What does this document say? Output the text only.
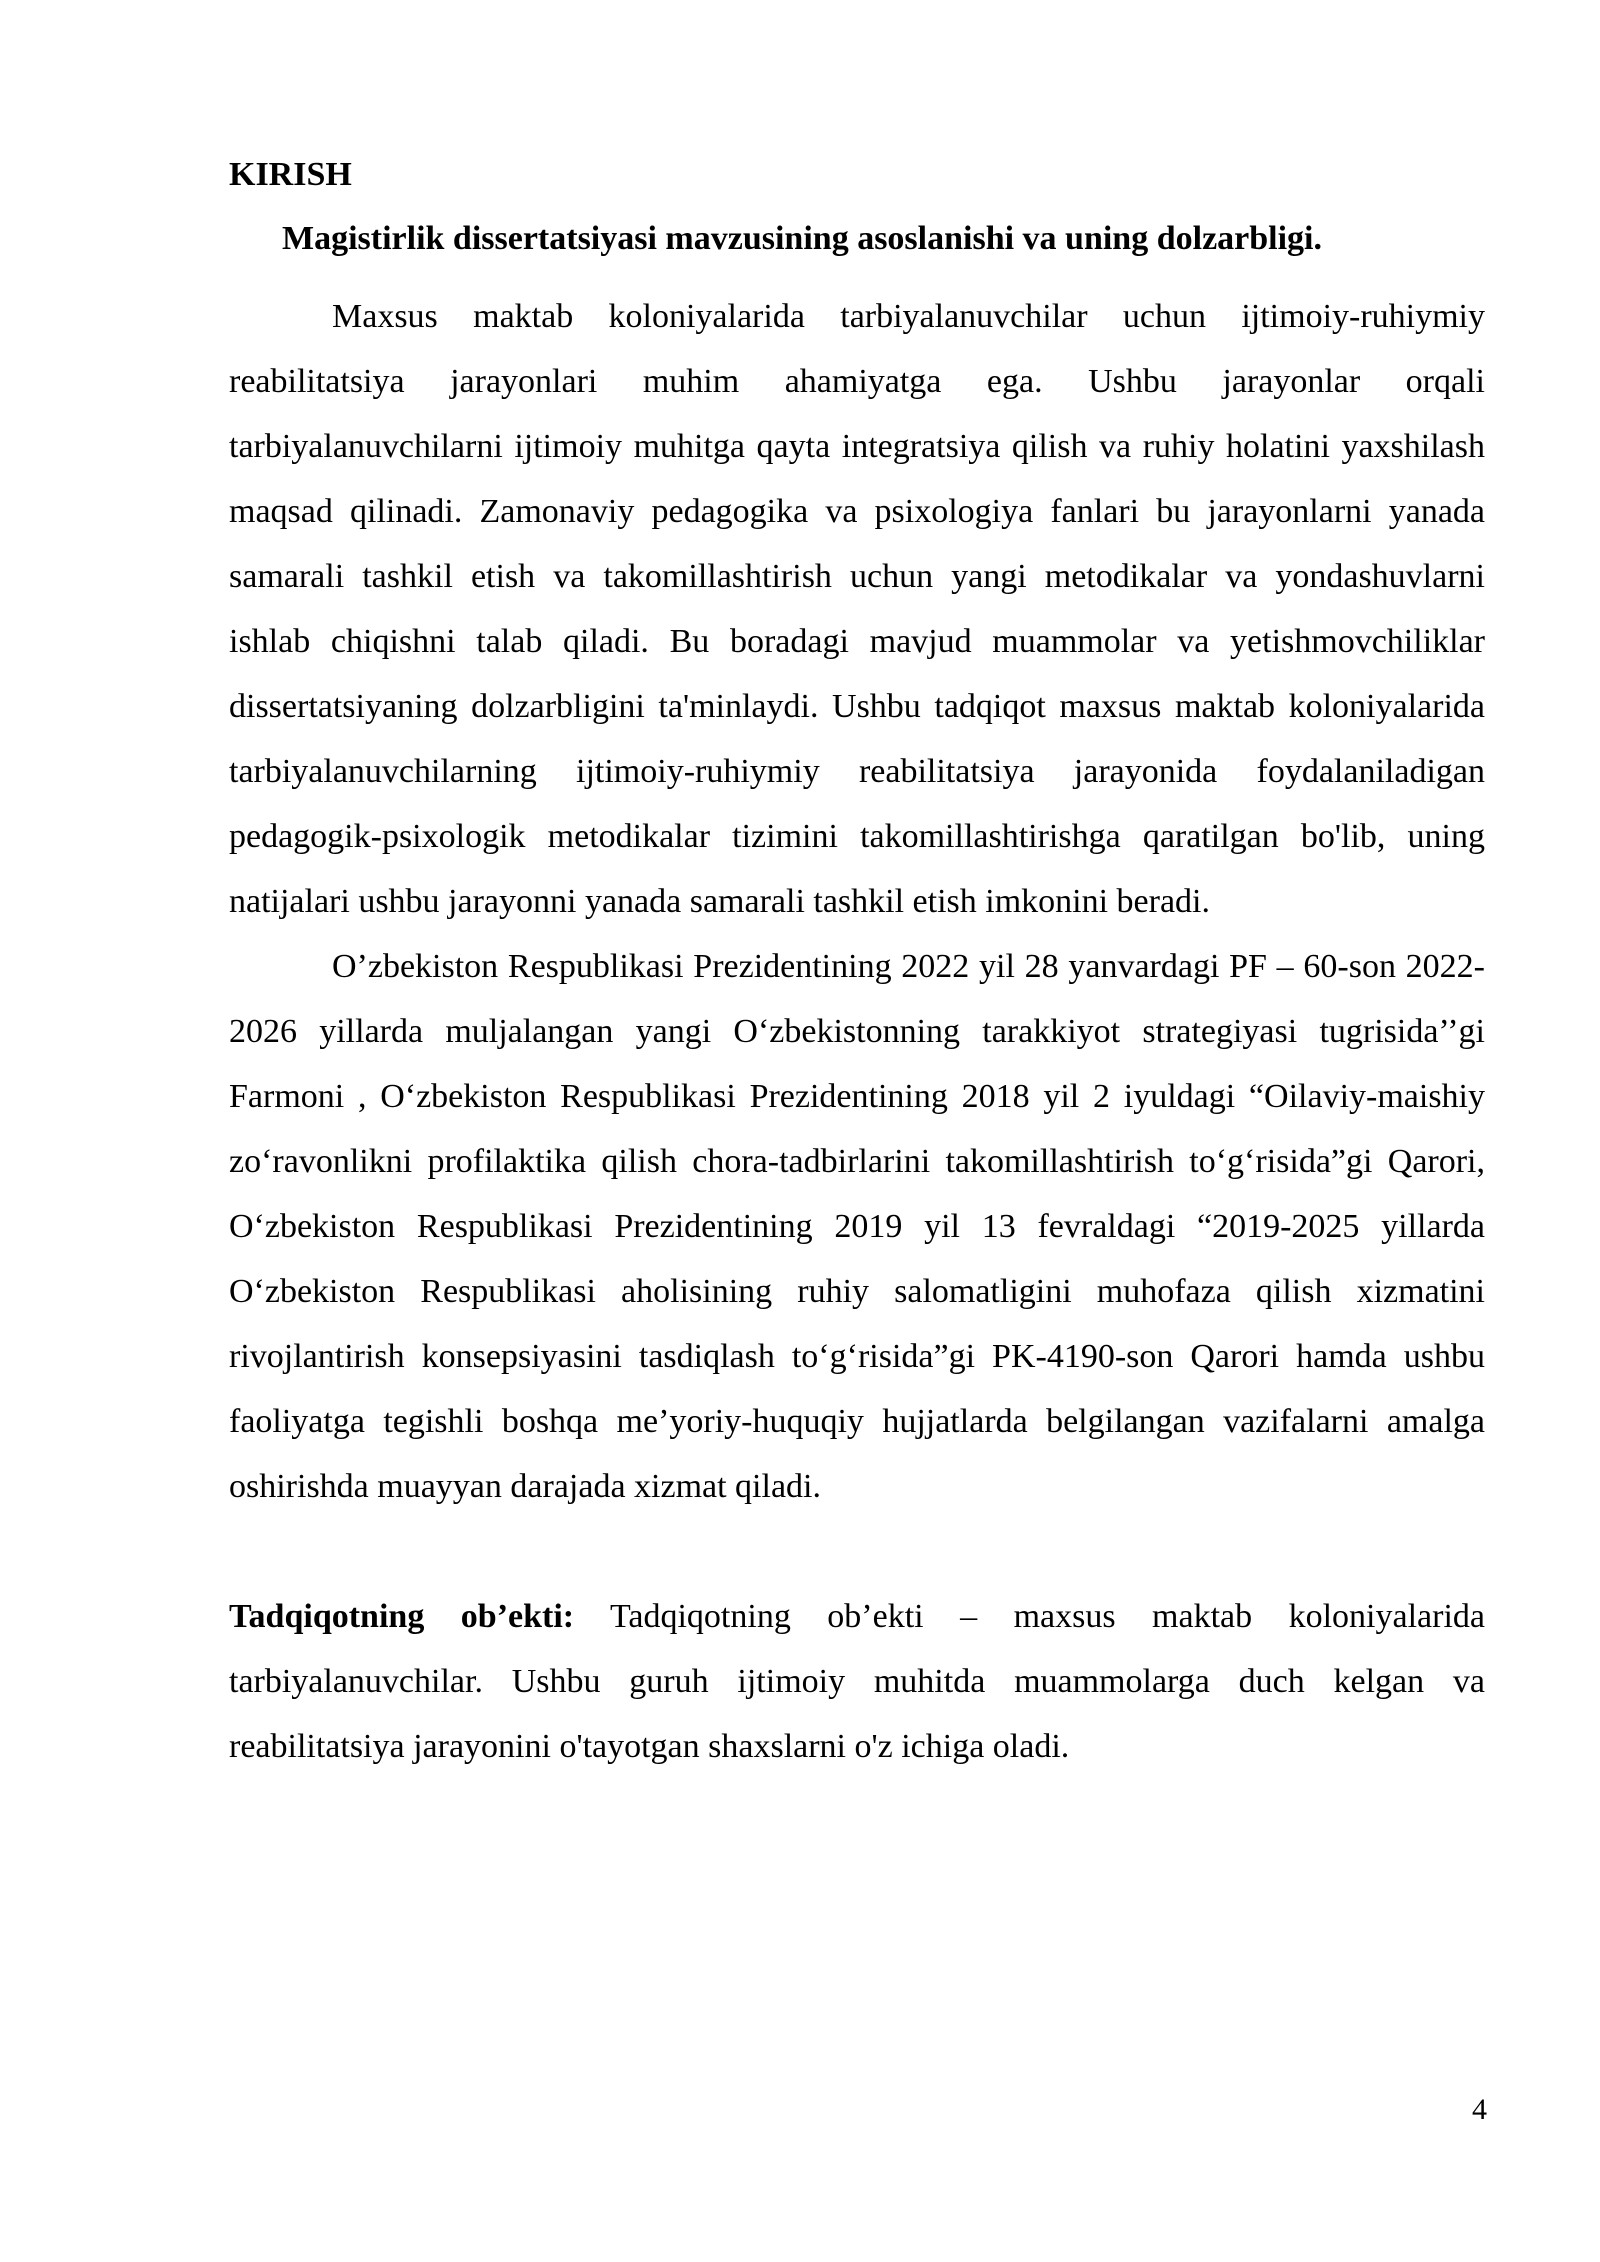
KIRISH
Magistirlik dissertatsiyasi mavzusining asoslanishi va uning dolzarbligi.

Maxsus maktab koloniyalarida tarbiyalanuvchilar uchun ijtimoiy-ruhiymiy reabilitatsiya jarayonlari muhim ahamiyatga ega. Ushbu jarayonlar orqali tarbiyalanuvchilarni ijtimoiy muhitga qayta integratsiya qilish va ruhiy holatini yaxshilash maqsad qilinadi. Zamonaviy pedagogika va psixologiya fanlari bu jarayonlarni yanada samarali tashkil etish va takomillashtirish uchun yangi metodikalar va yondashuvlarni ishlab chiqishni talab qiladi. Bu boradagi mavjud muammolar va yetishmovchiliklar dissertatsiyaning dolzarbligini ta'minlaydi. Ushbu tadqiqot maxsus maktab koloniyalarida tarbiyalanuvchilarning ijtimoiy-ruhiymiy reabilitatsiya jarayonida foydalaniladigan pedagogik-psixologik metodikalar tizimini takomillashtirishga qaratilgan bo'lib, uning natijalari ushbu jarayonni yanada samarali tashkil etish imkonini beradi.

O’zbekiston Respublikasi Prezidentining 2022 yil 28 yanvardagi PF – 60-son 2022-2026 yillarda muljalangan yangi O‘zbekistonning tarakkiyot strategiyasi tugrisida’’gi Farmoni , O‘zbekiston Respublikasi Prezidentining 2018 yil 2 iyuldagi “Oilaviy-maishiy zo‘ravonlikni profilaktika qilish chora-tadbirlarini takomillashtirish to‘g‘risida”gi Qarori, O‘zbekiston Respublikasi Prezidentining 2019 yil 13 fevraldagi “2019-2025 yillarda O‘zbekiston Respublikasi aholisining ruhiy salomatligini muhofaza qilish xizmatini rivojlantirish konsepsiyasini tasdiqlash to‘g‘risida”gi PK-4190-son Qarori hamda ushbu faoliyatga tegishli boshqa me’yoriy-huquqiy hujjatlarda belgilangan vazifalarni amalga oshirishda muayyan darajada xizmat qiladi.

Tadqiqotning ob’ekti: Tadqiqotning ob’ekti – maxsus maktab koloniyalarida tarbiyalanuvchilar. Ushbu guruh ijtimoiy muhitda muammolarga duch kelgan va reabilitatsiya jarayonini o'tayotgan shaxslarni o'z ichiga oladi.

4
